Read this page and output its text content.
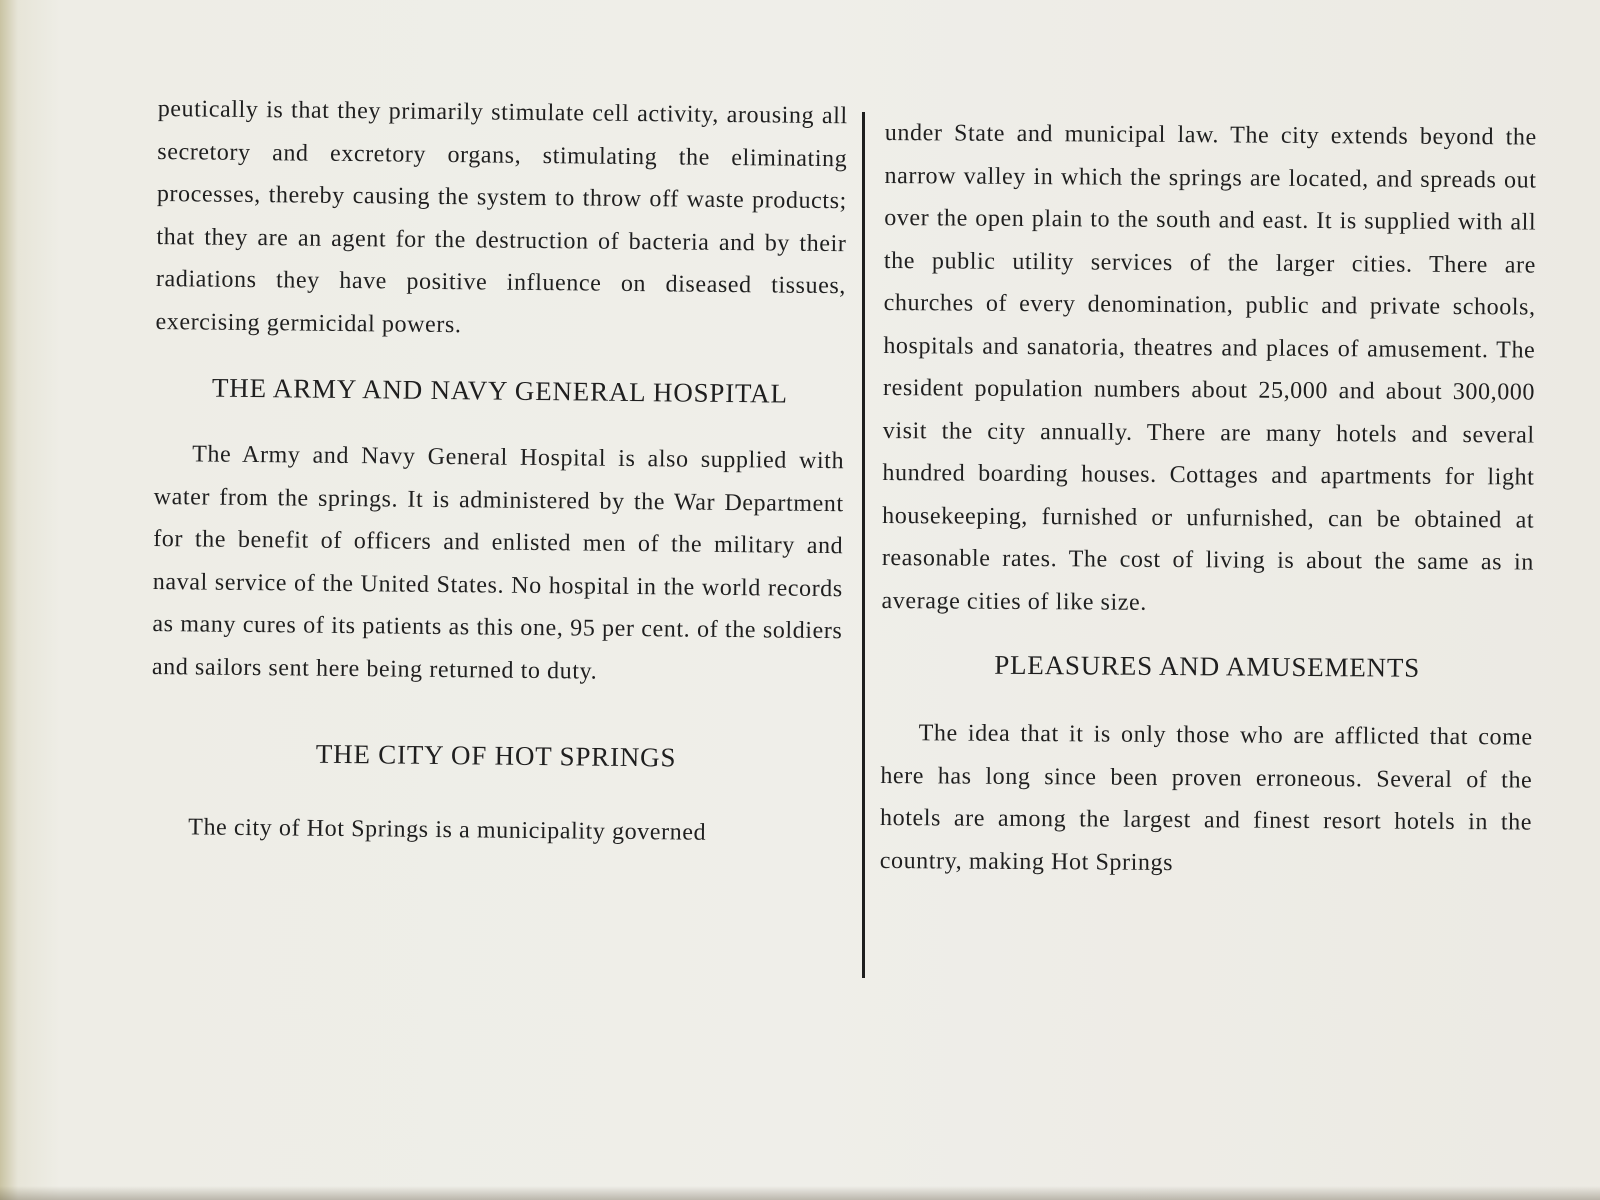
peutically is that they primarily stimulate cell activity, arousing all secretory and excretory organs, stimulating the eliminating processes, thereby causing the system to throw off waste products; that they are an agent for the destruction of bacteria and by their radiations they have positive influence on diseased tissues, exercising germicidal powers.

THE ARMY AND NAVY GENERAL HOSPITAL

The Army and Navy General Hospital is also supplied with water from the springs. It is administered by the War Department for the benefit of officers and enlisted men of the military and naval service of the United States. No hospital in the world records as many cures of its patients as this one, 95 per cent. of the soldiers and sailors sent here being returned to duty.

THE CITY OF HOT SPRINGS

The city of Hot Springs is a municipality governed

under State and municipal law. The city extends beyond the narrow valley in which the springs are located, and spreads out over the open plain to the south and east. It is supplied with all the public utility services of the larger cities. There are churches of every denomination, public and private schools, hospitals and sanatoria, theatres and places of amusement. The resident population numbers about 25,000 and about 300,000 visit the city annually. There are many hotels and several hundred boarding houses. Cottages and apartments for light housekeeping, furnished or unfurnished, can be obtained at reasonable rates. The cost of living is about the same as in average cities of like size.

PLEASURES AND AMUSEMENTS

The idea that it is only those who are afflicted that come here has long since been proven erroneous. Several of the hotels are among the largest and finest resort hotels in the country, making Hot Springs
